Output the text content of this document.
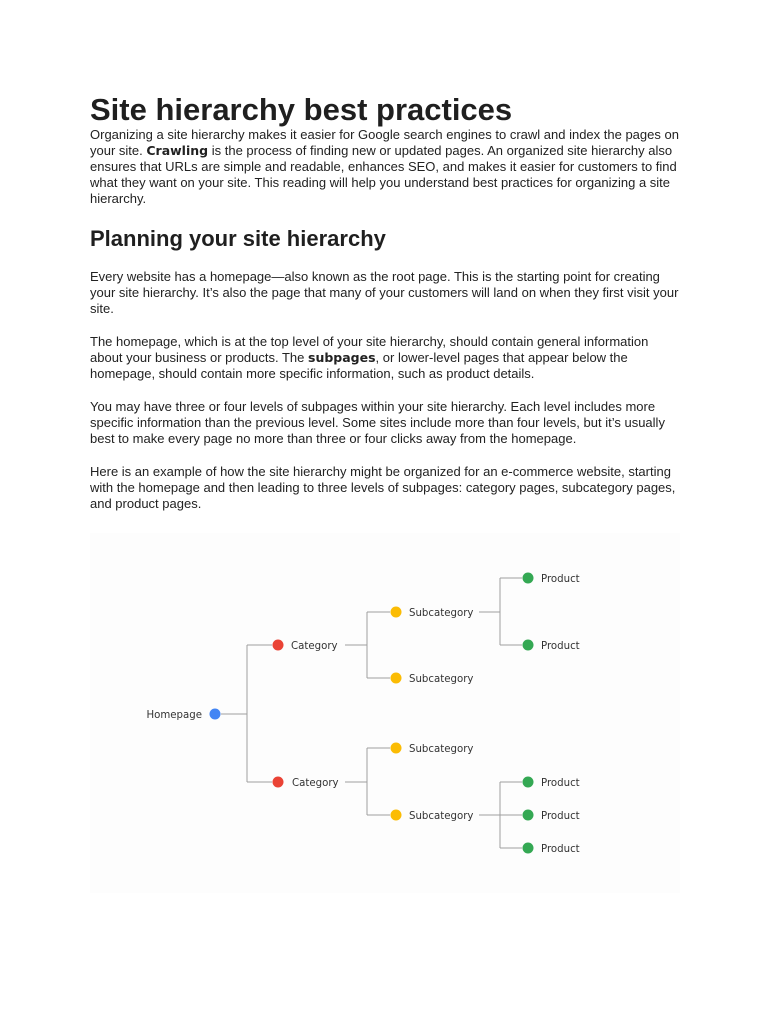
Site hierarchy best practices

Organizing a site hierarchy makes it easier for Google search engines to crawl and index the pages on your site. Crawling is the process of finding new or updated pages. An organized site hierarchy also ensures that URLs are simple and readable, enhances SEO, and makes it easier for customers to find what they want on your site. This reading will help you understand best practices for organizing a site hierarchy.

Planning your site hierarchy

Every website has a homepage—also known as the root page. This is the starting point for creating your site hierarchy. It’s also the page that many of your customers will land on when they first visit your site.

The homepage, which is at the top level of your site hierarchy, should contain general information about your business or products. The subpages, or lower-level pages that appear below the homepage, should contain more specific information, such as product details.

You may have three or four levels of subpages within your site hierarchy. Each level includes more specific information than the previous level. Some sites include more than four levels, but it’s usually best to make every page no more than three or four clicks away from the homepage.

Here is an example of how the site hierarchy might be organized for an e-commerce website, starting with the homepage and then leading to three levels of subpages: category pages, subcategory pages, and product pages.

Homepage
Category
Category
Subcategory
Subcategory
Subcategory
Subcategory
Product
Product
Product
Product
Product
